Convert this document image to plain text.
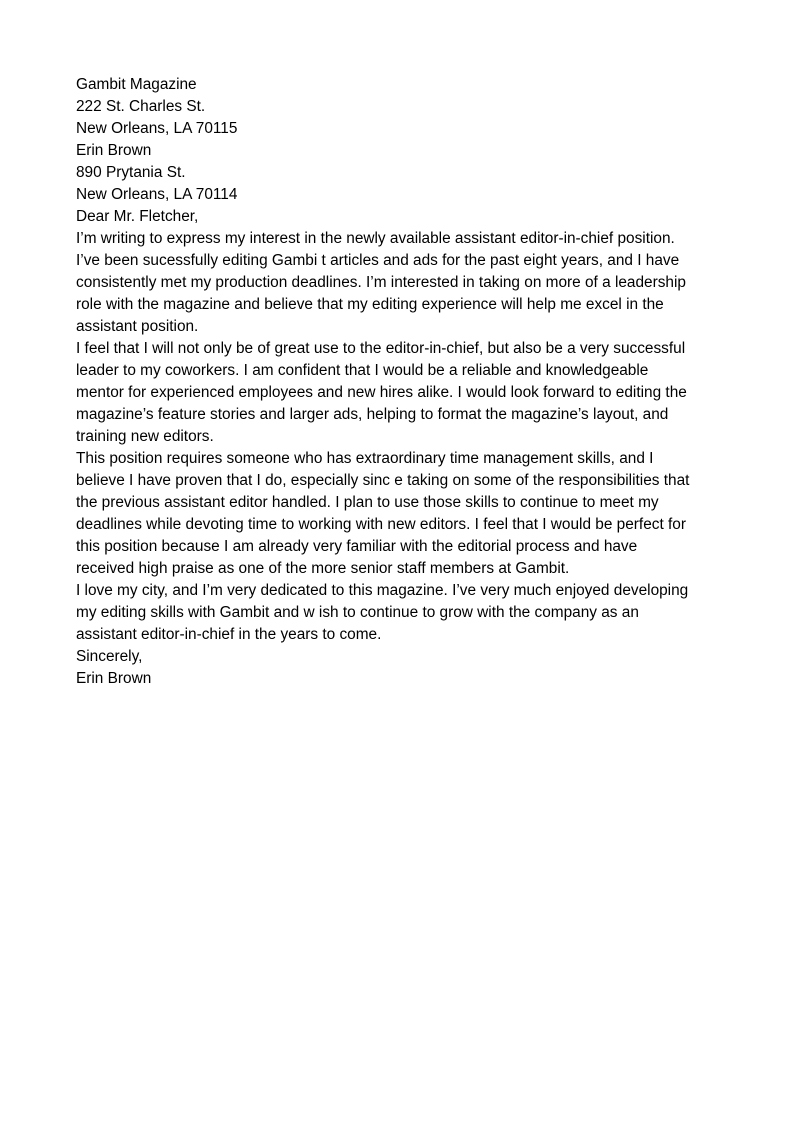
Gambit Magazine
222 St. Charles St.
New Orleans, LA 70115
Erin Brown
890 Prytania St.
New Orleans, LA 70114
Dear Mr. Fletcher,
I’m writing to express my interest in the newly available assistant editor-in-chief position.
I’ve been sucessfully editing Gambi t articles and ads for the past eight years, and I have
consistently met my production deadlines. I’m interested in taking on more of a leadership
role with the magazine and believe that my editing experience will help me excel in the
assistant position.
I feel that I will not only be of great use to the editor-in-chief, but also be a very successful
leader to my coworkers. I am confident that I would be a reliable and knowledgeable
mentor for experienced employees and new hires alike. I would look forward to editing the
magazine’s feature stories and larger ads, helping to format the magazine’s layout, and
training new editors.
This position requires someone who has extraordinary time management skills, and I
believe I have proven that I do, especially sinc e taking on some of the responsibilities that
the previous assistant editor handled. I plan to use those skills to continue to meet my
deadlines while devoting time to working with new editors. I feel that I would be perfect for
this position because I am already very familiar with the editorial process and have
received high praise as one of the more senior staff members at Gambit.
I love my city, and I’m very dedicated to this magazine. I’ve very much enjoyed developing
my editing skills with Gambit and w ish to continue to grow with the company as an
assistant editor-in-chief in the years to come.
Sincerely,
Erin Brown
